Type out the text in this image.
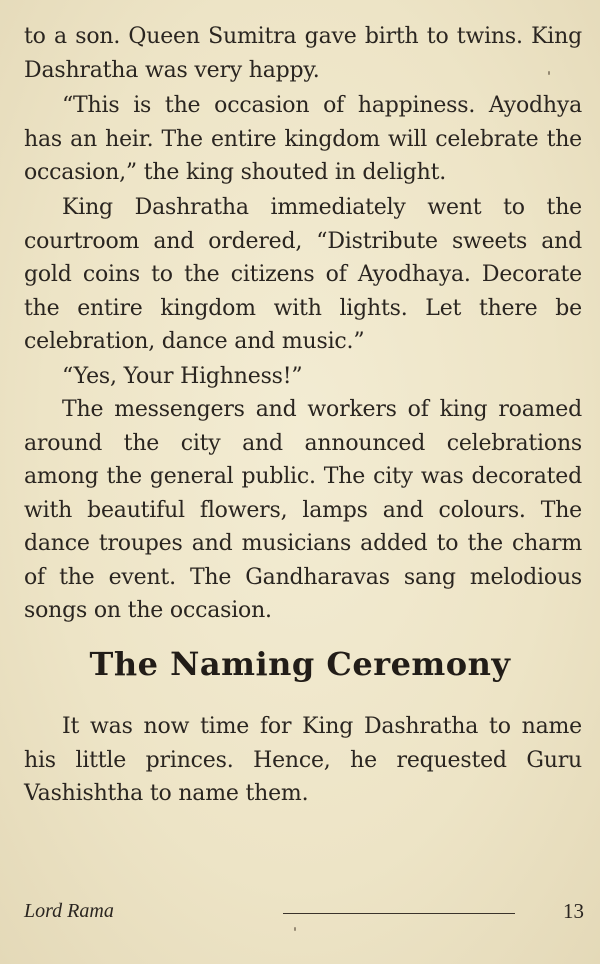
to a son. Queen Sumitra gave birth to twins. King Dashratha was very happy.

“This is the occasion of happiness. Ayodhya has an heir. The entire kingdom will celebrate the occasion,” the king shouted in delight.

King Dashratha immediately went to the courtroom and ordered, “Distribute sweets and gold coins to the citizens of Ayodhaya. Decorate the entire kingdom with lights. Let there be celebration, dance and music.”

“Yes, Your Highness!”

The messengers and workers of king roamed around the city and announced celebrations among the general public. The city was decorated with beautiful flowers, lamps and colours. The dance troupes and musicians added to the charm of the event. The Gandharavas sang melodious songs on the occasion.

The Naming Ceremony

It was now time for King Dashratha to name his little princes. Hence, he requested Guru Vashishtha to name them.

Lord Rama	13
